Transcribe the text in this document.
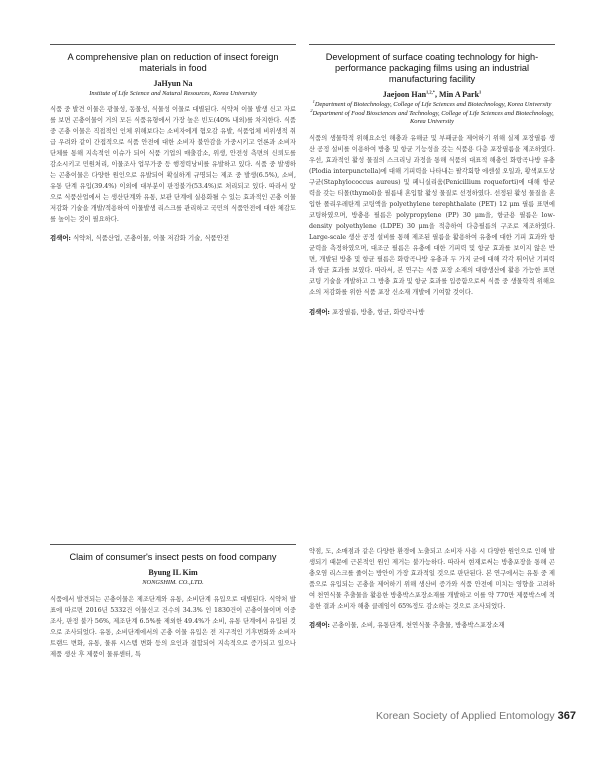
A comprehensive plan on reduction of insect foreign materials in food

JaHyun Na

Institute of Life Science and Natural Resources, Korea University

식품 중 발견 이물은 광물성, 동물성, 식물성 이물로 대별된다. 식약처 이물 발생 신고 자료를 보면 곤충이물이 거의 모든 식품유형에서 가장 높은 빈도(40% 내외)를 차지한다. 식품 중 곤충 이물은 직접적인 인체 위해보다는 소비자에게 혐오감 유발, 식품업체 비위생적 취급 우려와 같이 간접적으로 식품 안전에 대한 소비자 불안감을 가중시키고 언론과 소비자단체를 통해 지속적인 이슈가 되어 식품 기업의 매출감소, 위생, 안전성 측면의 신뢰도를 감소시키고 민원처리, 이물조사 업무가중 등 행정력낭비를 유발하고 있다. 식품 중 발생하는 곤충이물은 다양한 원인으로 유발되어 확실하게 규명되는 제조 중 발생(6.5%), 소비, 유통 단계 유입(39.4%) 이외에 대부분이 판정불가(53.4%)로 처리되고 있다. 따라서 앞으로 식품산업에서 는 생산단계와 유통, 보관 단계에 실용화될 수 있는 효과적인 곤충 이물 저감화 기술을 개발/적용하여 이물발생 리스크를 관리하고 국민의 식품안전에 대한 체감도를 높이는 것이 필요하다.

검색어: 식약처, 식품산업, 곤충이물, 이물 저감화 기술, 식품안전

Development of surface coating technology for high-performance packaging films using an industrial manufacturing facility

Jaejoon Han$^{1,2,*}$, Min A Park$^1$

$^1$Department of Biotechnology, College of Life Sciences and Biotechnology, Korea University

$^2$Department of Food Biosciences and Technology, College of Life Sciences and Biotechnology, Korea University

식품의 생물학적 위해요소인 해충과 유해균 및 부패균을 제어하기 위해 실제 포장필름 생산 공정 설비를 이용하여 방충 및 항균 기능성을 갖는 식품용 다층 포장필름을 제조하였다. 우선, 효과적인 활성 물질의 스크리닝 과정을 통해 식품의 대표적 해충인 화랑곡나방 유충(Plodia interpunctella)에 대해 기피력을 나타내는 팔각회향 에센셜 오일과, 황색포도상구균(Staphylococcus aureus) 및 페니실리움(Penicillium roqueforti)에 대해 항균력을 갖는 티몰(thymol)을 필름내 혼입할 활성 물질로 선정하였다. 선정된 활성 물질을 혼입한 폴리우레탄계 코팅액을 polyethylene terephthalate (PET) 12 μm 필름 표면에 코팅하였으며, 방충용 필름은 polypropylene (PP) 30 μm을, 항균용 필름은 low-density polyethylene (LDPE) 30 μm을 적층하여 다층필름의 구조로 제조하였다. Large-scale 생산 공정 설비를 통해 제조된 필름을 활용하여 유충에 대한 기피 효과와 항균력을 측정하였으며, 대조군 필름은 유충에 대한 기피력 및 항균 효과를 보이지 않은 반면, 개발된 방충 및 항균 필름은 화랑곡나방 유충과 두 가지 균에 대해 각각 뛰어난 기피력과 항균 효과를 보였다. 따라서, 본 연구는 식품 포장 소재의 대량생산에 활용 가능한 표면 코팅 기술을 개발하고 그 방충 효과 및 항균 효과를 입증함으로써 식품 중 생물학적 위해요소의 저감화를 위한 식품 포장 신소재 개발에 기여할 것이다.

검색어: 포장필름, 방충, 항균, 화랑곡나방

Claim of consumer's insect pests on food company

Byung IL Kim

NONGSHIM. CO.,LTD.

식품에서 발견되는 곤충이물은 제조단계와 유통, 소비단계 유입으로 대별된다. 식약처 발표에 따르면 2016년 5332건 이물신고 건수의 34.3% 인 1830건이 곤충이물이며 이중 조사, 판정 불가 56%, 제조단계 6.5%를 제외한 49.4%가 소비, 유통 단계에서 유입된 것으로 조사되었다. 유통, 소비단계에서의 곤충 이물 유입은 전 지구적인 기후변화와 소비자 트랜드 변화, 유통, 물류 시스템 변화 등의 요인과 결합되어 지속적으로 증가되고 있으나 제품 생산 후 제품이 물류센터, 특

약점, 도, 소매점과 같은 다양한 환경에 노출되고 소비자 사용 시 다양한 원인으로 인해 발생되기 때문에 근본적인 원인 제거는 불가능하다. 따라서 현재로써는 방충포장을 통해 곤충오염 리스크를 줄이는 방안이 가장 효과적일 것으로 판단된다. 본 연구에서는 유통 중 제품으로 유입되는 곤충을 제어하기 위해 생산비 증가와 식품 안전에 미치는 영향을 고려하여 천연식물 추출물을 활용한 방충박스포장소재를 개발하고 이를 약 770만 제품박스에 적용한 결과 소비자 해충 클레임이 65%정도 감소하는 것으로 조사되었다.

검색어: 곤충이물, 소비, 유통단계, 천연식물 추출물, 방충박스포장소재

Korean Society of Applied Entomology 367
